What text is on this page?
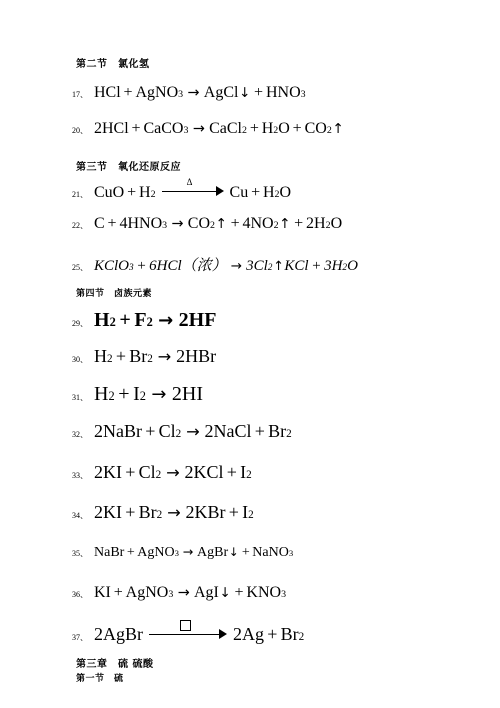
第二节　氯化氢
17、 HCl + AgNO 3 → AgCl ↓ + HNO 3
20、 2HCl + CaCO 3 → CaCl 2 + H 2 O + CO 2 ↑
第三节　氧化还原反应
21、 CuO + H 2
Δ
Cu + H 2 O
22、 C + 4HNO 3 → CO 2 ↑ + 4NO 2 ↑ + 2H 2 O
25、 KClO 3 + 6HCl（浓） → 3Cl 2 ↑ KCl + 3H 2 O
第四节　卤族元素
29、 H 2 + F 2 → 2HF
30、 H 2 + Br 2 → 2HBr
31、 H 2 + I 2 → 2HI
32、 2NaBr + Cl 2 → 2NaCl + Br 2
33、 2KI + Cl 2 → 2KCl + I 2
34、 2KI + Br 2 → 2KBr + I 2
35、 NaBr + AgNO 3 → AgBr ↓ + NaNO 3
36、 KI + AgNO 3 → AgI ↓ + KNO 3
37、 2AgBr	2Ag + Br 2
第三章　硫 硫酸
第一节　硫
